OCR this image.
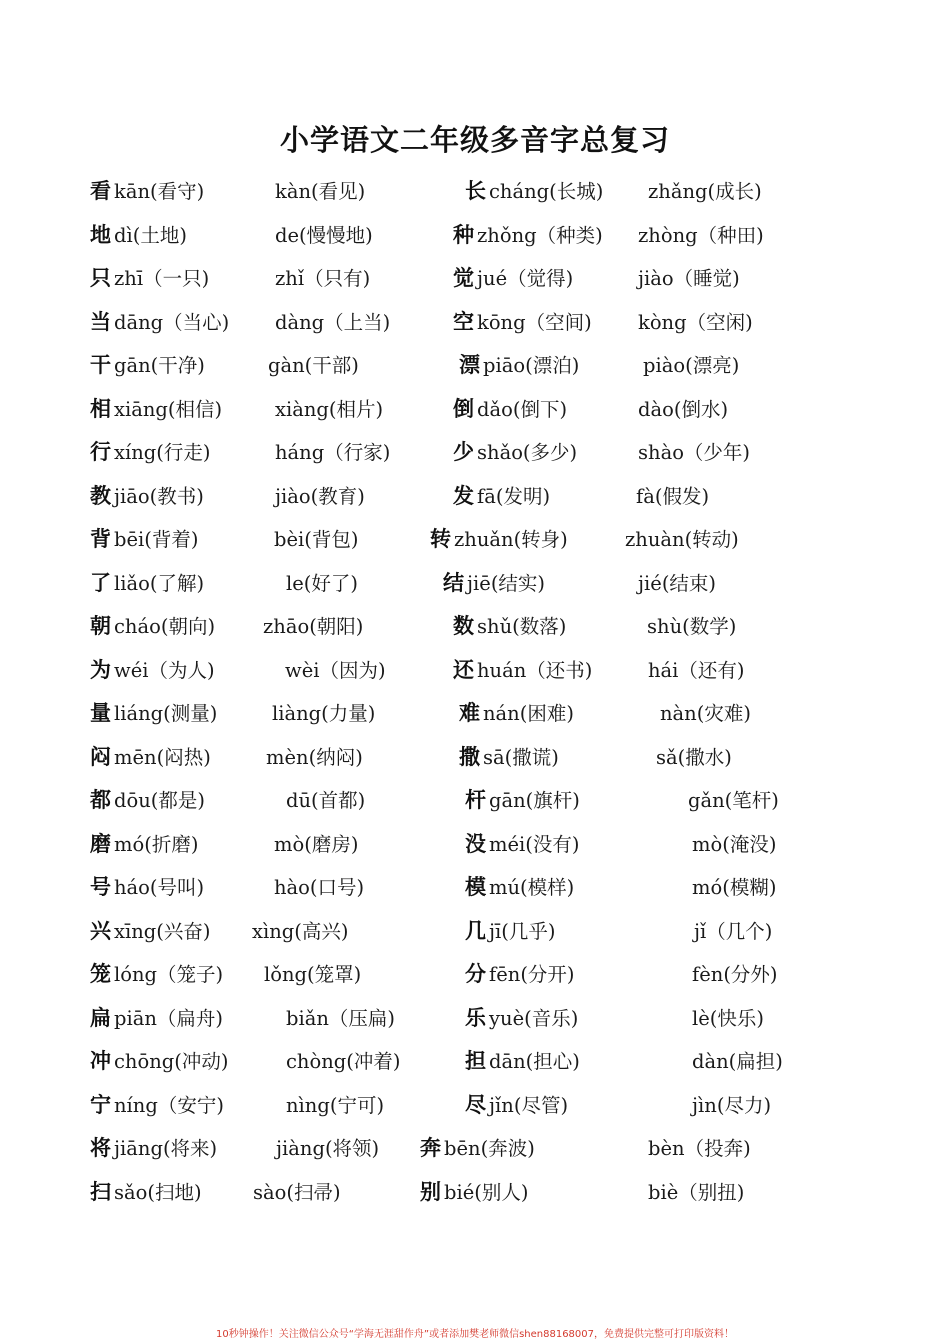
小学语文二年级多音字总复习
看 kān(看守)	kàn(看见)	长 cháng(长城) zhǎng(成长)
地 dì(土地)	de(慢慢地)	种 zhǒng（种类) zhòng（种田)
只 zhī（一只)	zhǐ（只有)	觉 jué（觉得)	jiào（睡觉)
当 dāng（当心) dàng（上当)	空 kōng（空间) kòng（空闲)
干 gān(干净)	gàn(干部)	漂 piāo(漂泊)	piào(漂亮)
相 xiāng(相信)	xiàng(相片)	倒 dǎo(倒下)	dào(倒水)
行 xíng(行走)	háng（行家)	少 shǎo(多少)	shào（少年)
教 jiāo(教书)	jiào(教育)	发 fā(发明)	fà(假发)
背 bēi(背着)	bèi(背包)	转 zhuǎn(转身)	zhuàn(转动)
了 liǎo(了解)	le(好了)	结 jiē(结实)	jié(结束)
朝 cháo(朝向) zhāo(朝阳)	数 shǔ(数落)	shù(数学)
为 wéi（为人)	wèi（因为)	还 huán（还书)	hái（还有)
量 liáng(测量)	liàng(力量)	难 nán(困难)	nàn(灾难)
闷 mēn(闷热)	mèn(纳闷)	撒 sā(撒谎)	sǎ(撒水)
都 dōu(都是)	dū(首都)	杆 gān(旗杆)	gǎn(笔杆)
磨 mó(折磨)	mò(磨房)	没 méi(没有)	mò(淹没)
号 háo(号叫)	hào(口号)	模 mú(模样)	mó(模糊)
兴 xīng(兴奋) xìng(高兴)	几 jī(几乎)	jǐ（几个)
笼 lóng（笼子) lǒng(笼罩)	分 fēn(分开)	fèn(分外)
扁 piān（扁舟)	biǎn（压扁)	乐 yuè(音乐)	lè(快乐)
冲 chōng(冲动)	chòng(冲着)	担 dān(担心)	dàn(扁担)
宁 níng（安宁)	nìng(宁可)	尽 jǐn(尽管)	jìn(尽力)
将 jiāng(将来)	jiàng(将领) 奔 bēn(奔波)	bèn（投奔)
扫 sǎo(扫地)	sào(扫帚)	别 bié(别人)	biè（别扭)
10秒钟操作！关注微信公众号“学海无涯甜作舟”或者添加樊老师微信shen88168007，免费提供完整可打印版资料！
